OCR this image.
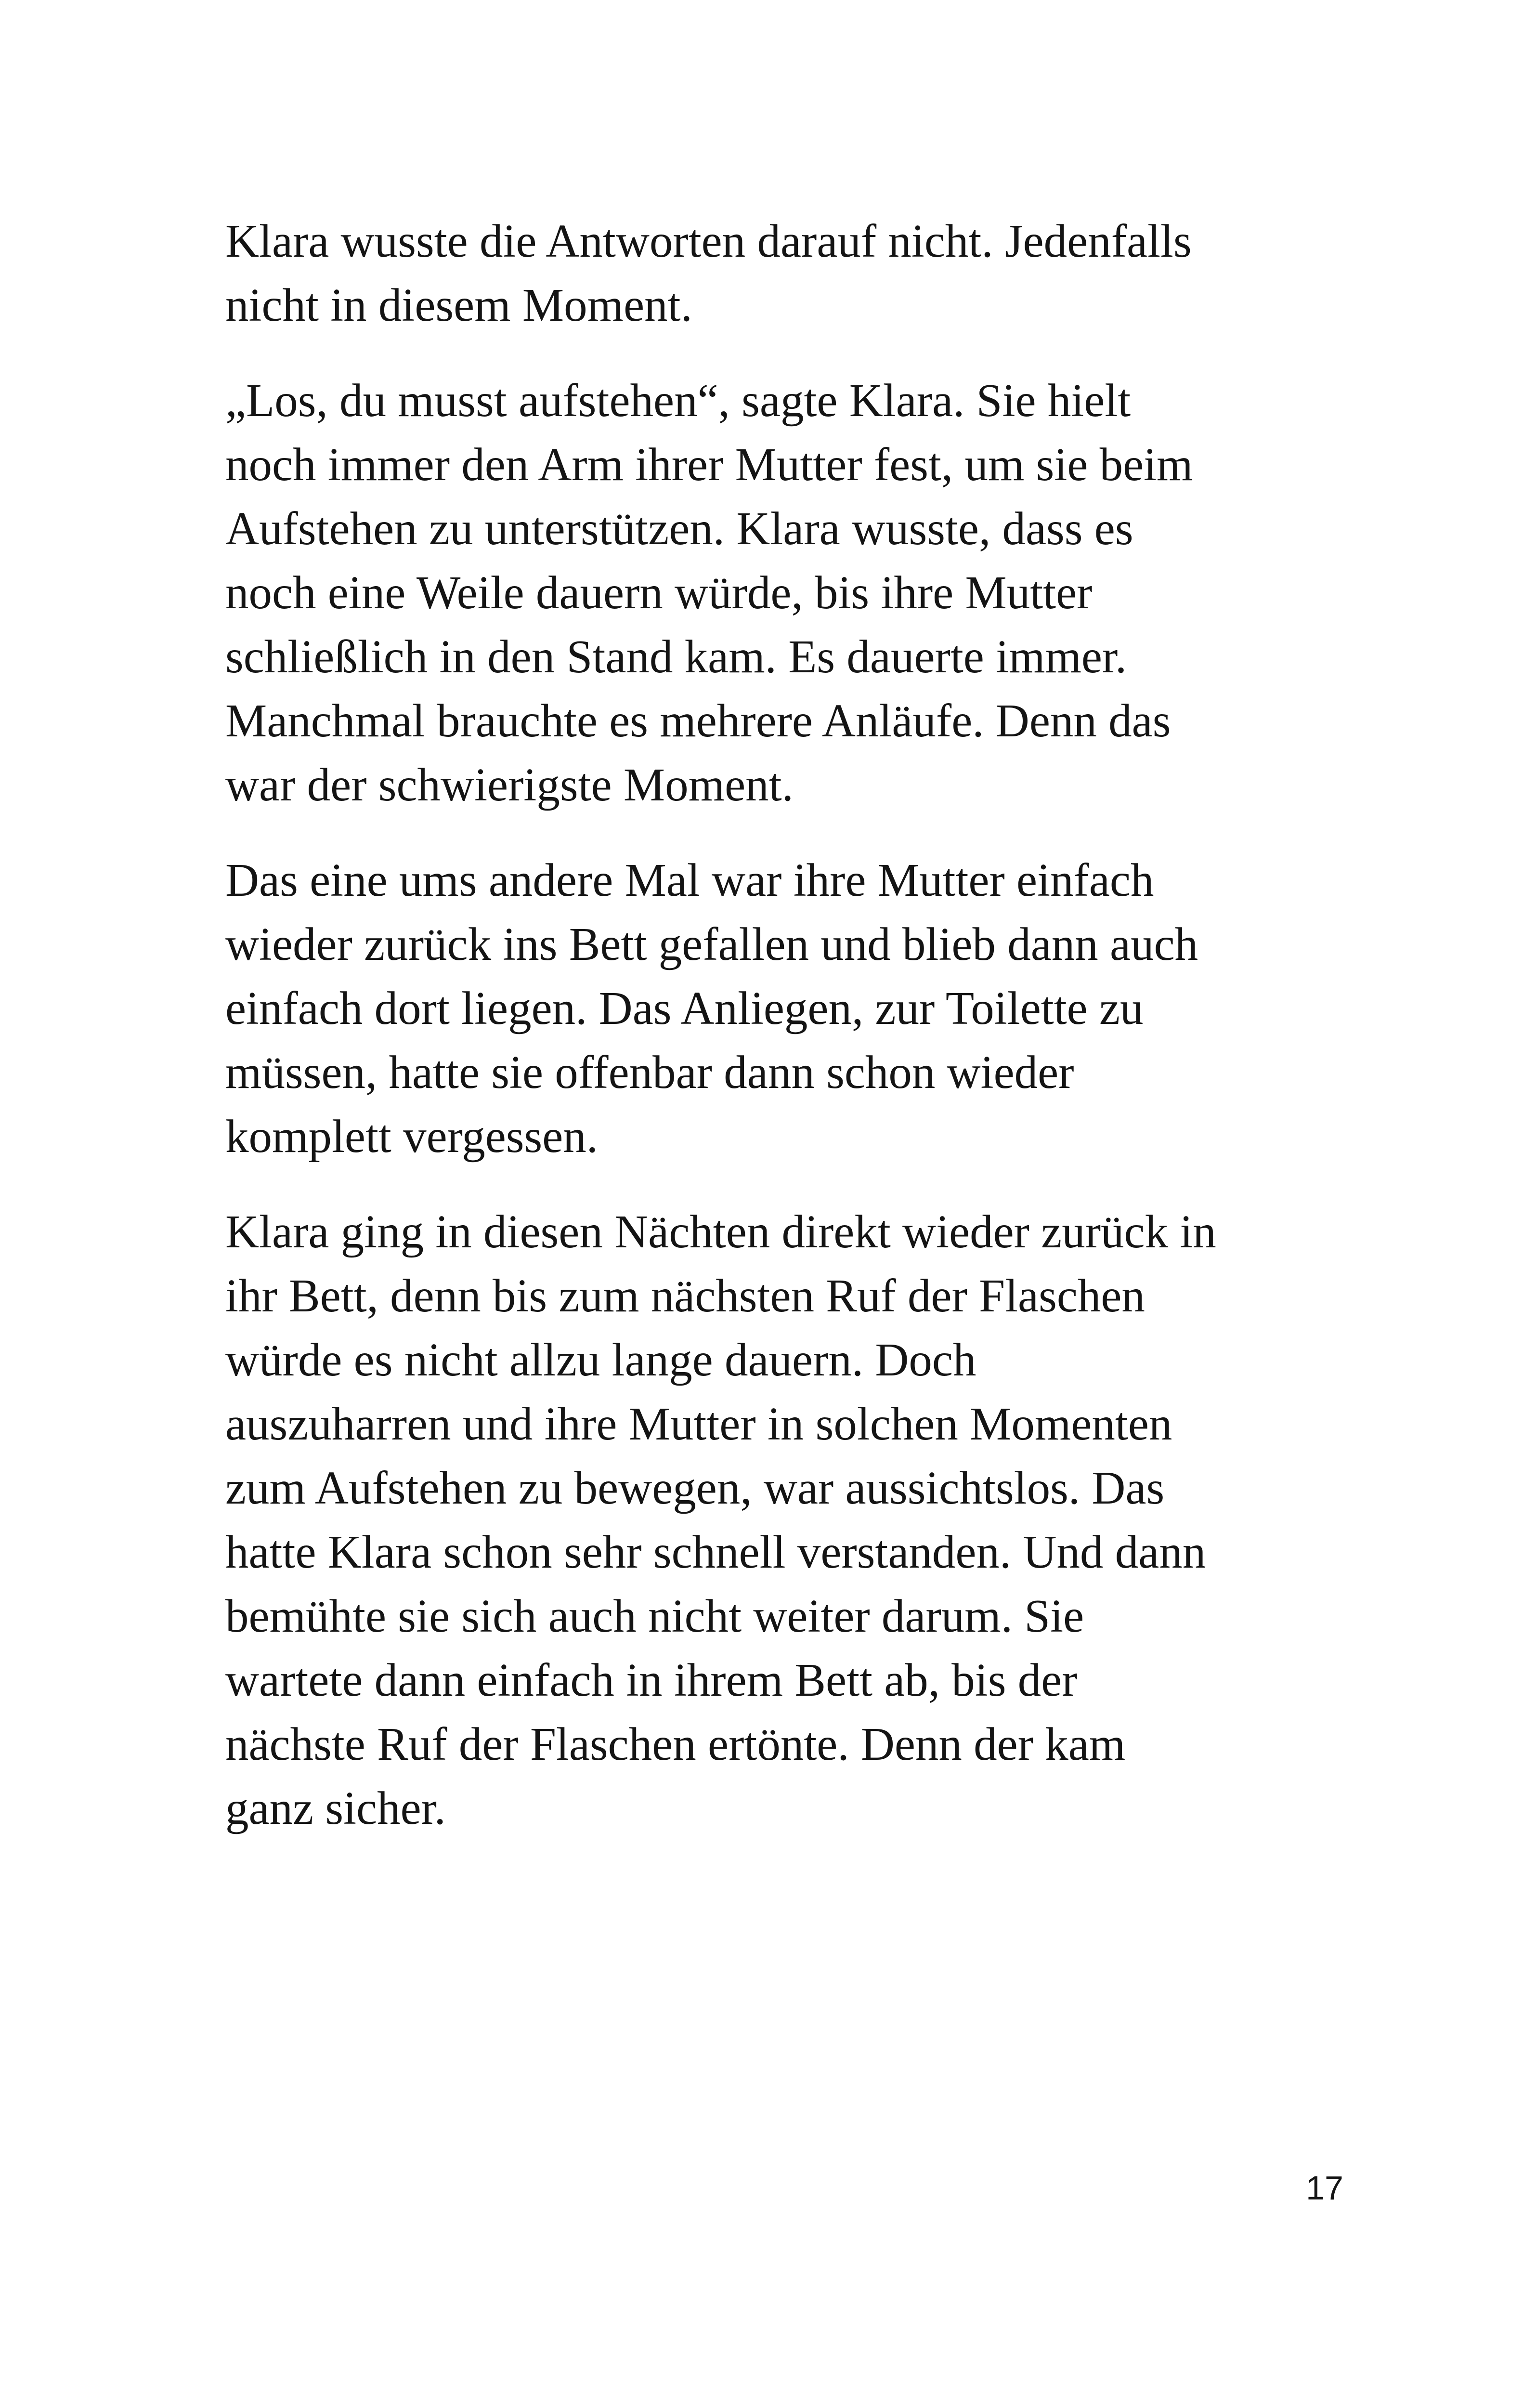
Klara wusste die Antworten darauf nicht. Jedenfalls
nicht in diesem Moment.

„Los, du musst aufstehen“, sagte Klara. Sie hielt
noch immer den Arm ihrer Mutter fest, um sie beim
Aufstehen zu unterstützen. Klara wusste, dass es
noch eine Weile dauern würde, bis ihre Mutter
schließlich in den Stand kam. Es dauerte immer.
Manchmal brauchte es mehrere Anläufe. Denn das
war der schwierigste Moment.

Das eine ums andere Mal war ihre Mutter einfach
wieder zurück ins Bett gefallen und blieb dann auch
einfach dort liegen. Das Anliegen, zur Toilette zu
müssen, hatte sie offenbar dann schon wieder
komplett vergessen.

Klara ging in diesen Nächten direkt wieder zurück in
ihr Bett, denn bis zum nächsten Ruf der Flaschen
würde es nicht allzu lange dauern. Doch
auszuharren und ihre Mutter in solchen Momenten
zum Aufstehen zu bewegen, war aussichtslos. Das
hatte Klara schon sehr schnell verstanden. Und dann
bemühte sie sich auch nicht weiter darum. Sie
wartete dann einfach in ihrem Bett ab, bis der
nächste Ruf der Flaschen ertönte. Denn der kam
ganz sicher.

17
